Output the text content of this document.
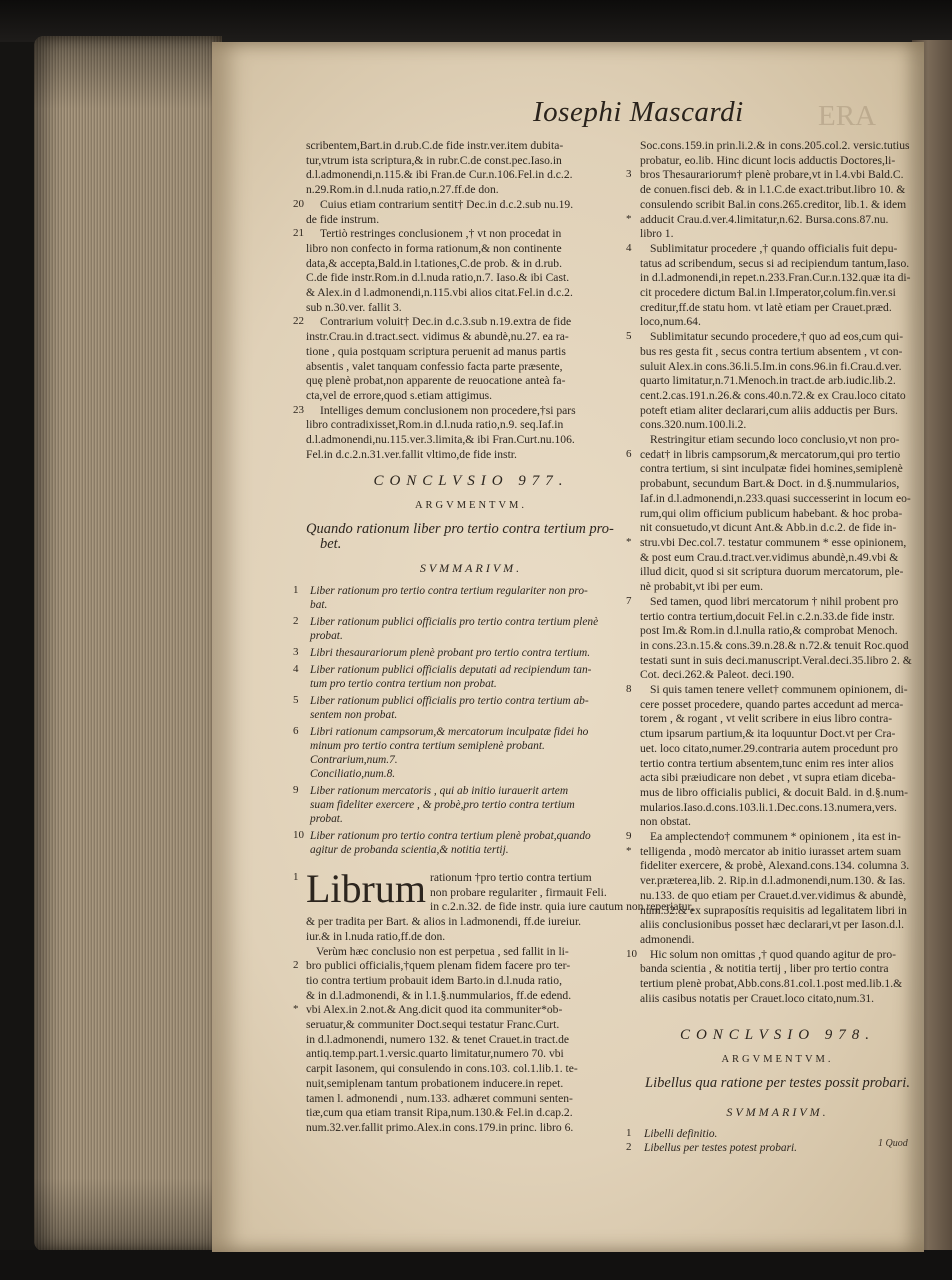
ERA
Iosephi Mascardi

scribentem,Bart.in d.rub.C.de fide instr.ver.item dubita-

tur,vtrum ista scriptura,& in rubr.C.de const.pec.Iaso.in

d.l.admonendi,n.115.& ibi Fran.de Cur.n.106.Fel.in d.c.2.

n.29.Rom.in d.l.nuda ratio,n.27.ff.de don.

Cuius etiam contrarium sentit† Dec.in d.c.2.sub nu.19.

de fide instrum.

Tertiò restringes conclusionem ,† vt non procedat in

libro non confecto in forma rationum,& non continente

data,& accepta,Bald.in l.tationes,C.de prob. & in d.rub.

C.de fide instr.Rom.in d.l.nuda ratio,n.7. Iaso.& ibi Cast.

& Alex.in d l.admonendi,n.115.vbi alios citat.Fel.in d.c.2.

sub n.30.ver. fallit 3.

Contrarium voluit† Dec.in d.c.3.sub n.19.extra de fide

instr.Crau.in d.tract.sect. vidimus & abundè,nu.27. ea ra-

tione , quia postquam scriptura peruenit ad manus partis

absentis , valet tanquam confessio facta parte præsente,

quę plenè probat,non apparente de reuocatione anteà fa-

cta,vel de errore,quod s.etiam attigimus.

Intelliges demum conclusionem non procedere,†si pars

libro contradixisset,Rom.in d.l.nuda ratio,n.9. seq.Iaf.in

d.l.admonendi,nu.115.ver.3.limita,& ibi Fran.Curt.nu.106.

Fel.in d.c.2.n.31.ver.fallit vltimo,de fide instr.

CONCLVSIO 977.

ARGVMENTVM.

Quando rationum liber pro tertio contra tertium pro-

bet.

SVMMARIVM.

Liber rationum pro tertio contra tertium regulariter non pro-

bat.

Liber rationum publici officialis pro tertio contra tertium plenè

probat.

Libri thesaurariorum plenè probant pro tertio contra tertium.

Liber rationum publici officialis deputati ad recipiendum tan-

tum pro tertio contra tertium non probat.

Liber rationum publici officialis pro tertio contra tertium ab-

sentem non probat.

Libri rationum campsorum,& mercatorum inculpatæ fidei ho

minum pro tertio contra tertium semiplenè probant.

Contrarium,num.7.

Conciliatio,num.8.

Liber rationum mercatoris , qui ab initio iurauerit artem

suam fideliter exercere , & probè,pro tertio contra tertium

probat.

Liber rationum pro tertio contra tertium plenè probat,quando

agitur de probanda scientia,& notitia tertij.

Librum rationum †pro tertio contra tertium

non probare regulariter , firmauit Feli.

in c.2.n.32. de fide instr. quia iure cautum non reperiatur,

& per tradita per Bart. & alios in l.admonendi, ff.de iureiur.

iur.& in l.nuda ratio,ff.de don.

Verùm hæc conclusio non est perpetua , sed fallit in li-

bro publici officialis,†quem plenam fidem facere pro ter-

tio contra tertium probauit idem Barto.in d.l.nuda ratio,

& in d.l.admonendi, & in l.1.§.nummularios, ff.de edend.

vbi Alex.in 2.not.& Ang.dicit quod ita communiter*ob-

seruatur,& communiter Doct.sequi testatur Franc.Curt.

in d.l.admonendi, numero 132. & tenet Crauet.in tract.de

antiq.temp.part.1.versic.quarto limitatur,numero 70. vbi

carpit Iasonem, qui consulendo in cons.103. col.1.lib.1. te-

nuit,semiplenam tantum probationem inducere.in repet.

tamen l. admonendi , num.133. adhæret communi senten-

tiæ,cum qua etiam transit Ripa,num.130.& Fel.in d.cap.2.

num.32.ver.fallit primo.Alex.in cons.179.in princ. libro 6.

Soc.cons.159.in prin.li.2.& in cons.205.col.2. versic.tutius

probatur, eo.lib. Hinc dicunt locis adductis Doctores,li-

bros Thesaurariorum† plenè probare,vt in l.4.vbi Bald.C.

de conuen.fisci deb. & in l.1.C.de exact.tribut.libro 10. &

consulendo scribit Bal.in cons.265.creditor, lib.1. & idem

adducit Crau.d.ver.4.limitatur,n.62. Bursa.cons.87.nu.

libro 1.

Sublimitatur procedere ,† quando officialis fuit depu-

tatus ad scribendum, secus si ad recipiendum tantum,Iaso.

in d.l.admonendi,in repet.n.233.Fran.Cur.n.132.quæ ita di-

cit procedere dictum Bal.in l.Imperator,colum.fin.ver.si

creditur,ff.de statu hom. vt latè etiam per Crauet.præd.

loco,num.64.

Sublimitatur secundo procedere,† quo ad eos,cum qui-

bus res gesta fit , secus contra tertium absentem , vt con-

suluit Alex.in cons.36.li.5.Im.in cons.96.in fi.Crau.d.ver.

quarto limitatur,n.71.Menoch.in tract.de arb.iudic.lib.2.

cent.2.cas.191.n.26.& cons.40.n.72.& ex Crau.loco citato

poteft etiam aliter declarari,cum aliis adductis per Burs.

cons.320.num.100.li.2.

Restringitur etiam secundo loco conclusio,vt non pro-

cedat† in libris campsorum,& mercatorum,qui pro tertio

contra tertium, si sint inculpatæ fidei homines,semiplenè

probabunt, secundum Bart.& Doct. in d.§.nummularios,

Iaf.in d.l.admonendi,n.233.quasi successerint in locum eo-

rum,qui olim officium publicum habebant. & hoc proba-

nit consuetudo,vt dicunt Ant.& Abb.in d.c.2. de fide in-

stru.vbi Dec.col.7. testatur communem * esse opinionem,

& post eum Crau.d.tract.ver.vidimus abundè,n.49.vbi &

illud dicit, quod si sit scriptura duorum mercatorum, ple-

nè probabit,vt ibi per eum.

Sed tamen, quod libri mercatorum † nihil probent pro

tertio contra tertium,docuit Fel.in c.2.n.33.de fide instr.

post Im.& Rom.in d.l.nulla ratio,& comprobat Menoch.

in cons.23.n.15.& cons.39.n.28.& n.72.& tenuit Roc.quod

testati sunt in suis deci.manuscript.Veral.deci.35.libro 2. &

Cot. deci.262.& Paleot. deci.190.

Si quis tamen tenere vellet† communem opinionem, di-

cere posset procedere, quando partes accedunt ad merca-

torem , & rogant , vt velit scribere in eius libro contra-

ctum ipsarum partium,& ita loquuntur Doct.vt per Cra-

uet. loco citato,numer.29.contraria autem procedunt pro

tertio contra tertium absentem,tunc enim res inter alios

acta sibi præiudicare non debet , vt supra etiam diceba-

mus de libro officialis publici, & docuit Bald. in d.§.num-

mularios.Iaso.d.cons.103.li.1.Dec.cons.13.numera,vers.

non obstat.

Ea amplectendo† communem * opinionem , ita est in-

telligenda , modò mercator ab initio iurasset artem suam

fideliter exercere, & probè, Alexand.cons.134. columna 3.

ver.præterea,lib. 2. Rip.in d.l.admonendi,num.130. & Ias.

nu.133. de quo etiam per Crauet.d.ver.vidimus & abundè,

num.32.& ex supraposítis requisitis ad legalitatem libri in

aliis conclusionibus posset hæc declarari,vt per Iason.d.l.

admonendi.

Hic solum non omittas ,† quod quando agitur de pro-

banda scientia , & notitia tertij , liber pro tertio contra

tertium plenè probat,Abb.cons.81.col.1.post med.lib.1.&

aliis casibus notatis per Crauet.loco citato,num.31.

CONCLVSIO 978.

ARGVMENTVM.

Libellus qua ratione per testes possit probari.

SVMMARIVM.

Libelli definitio.

Libellus per testes potest probari.	1 Quod
20
21
22
23
1
2
3
4
5
6
9
10
1
2
*
3
*
4
5
6
*
7
8
9
*
10
1
2
